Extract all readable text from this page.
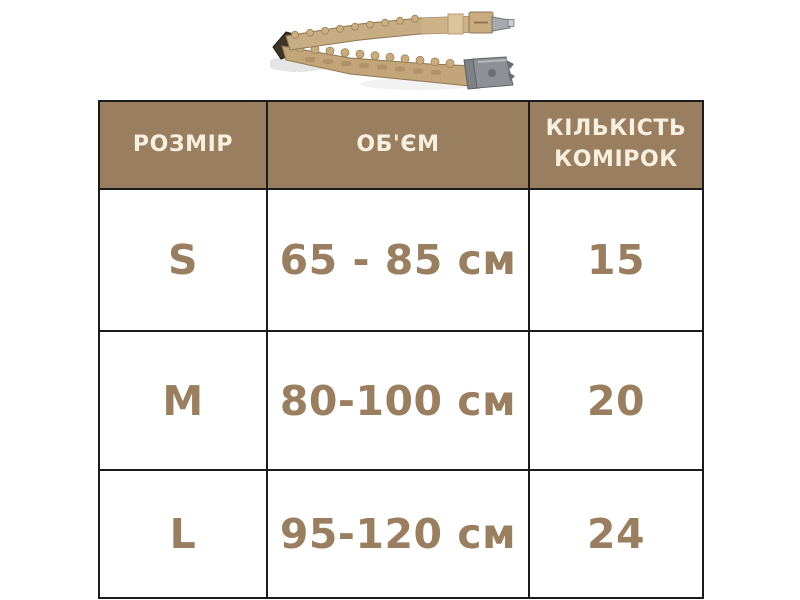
РОЗМІР	ОБ'ЄМ	КІЛЬКІСТЬ КОМІРОК
S	65 - 85 см	15
M	80-100 см	20
L	95-120 см	24
